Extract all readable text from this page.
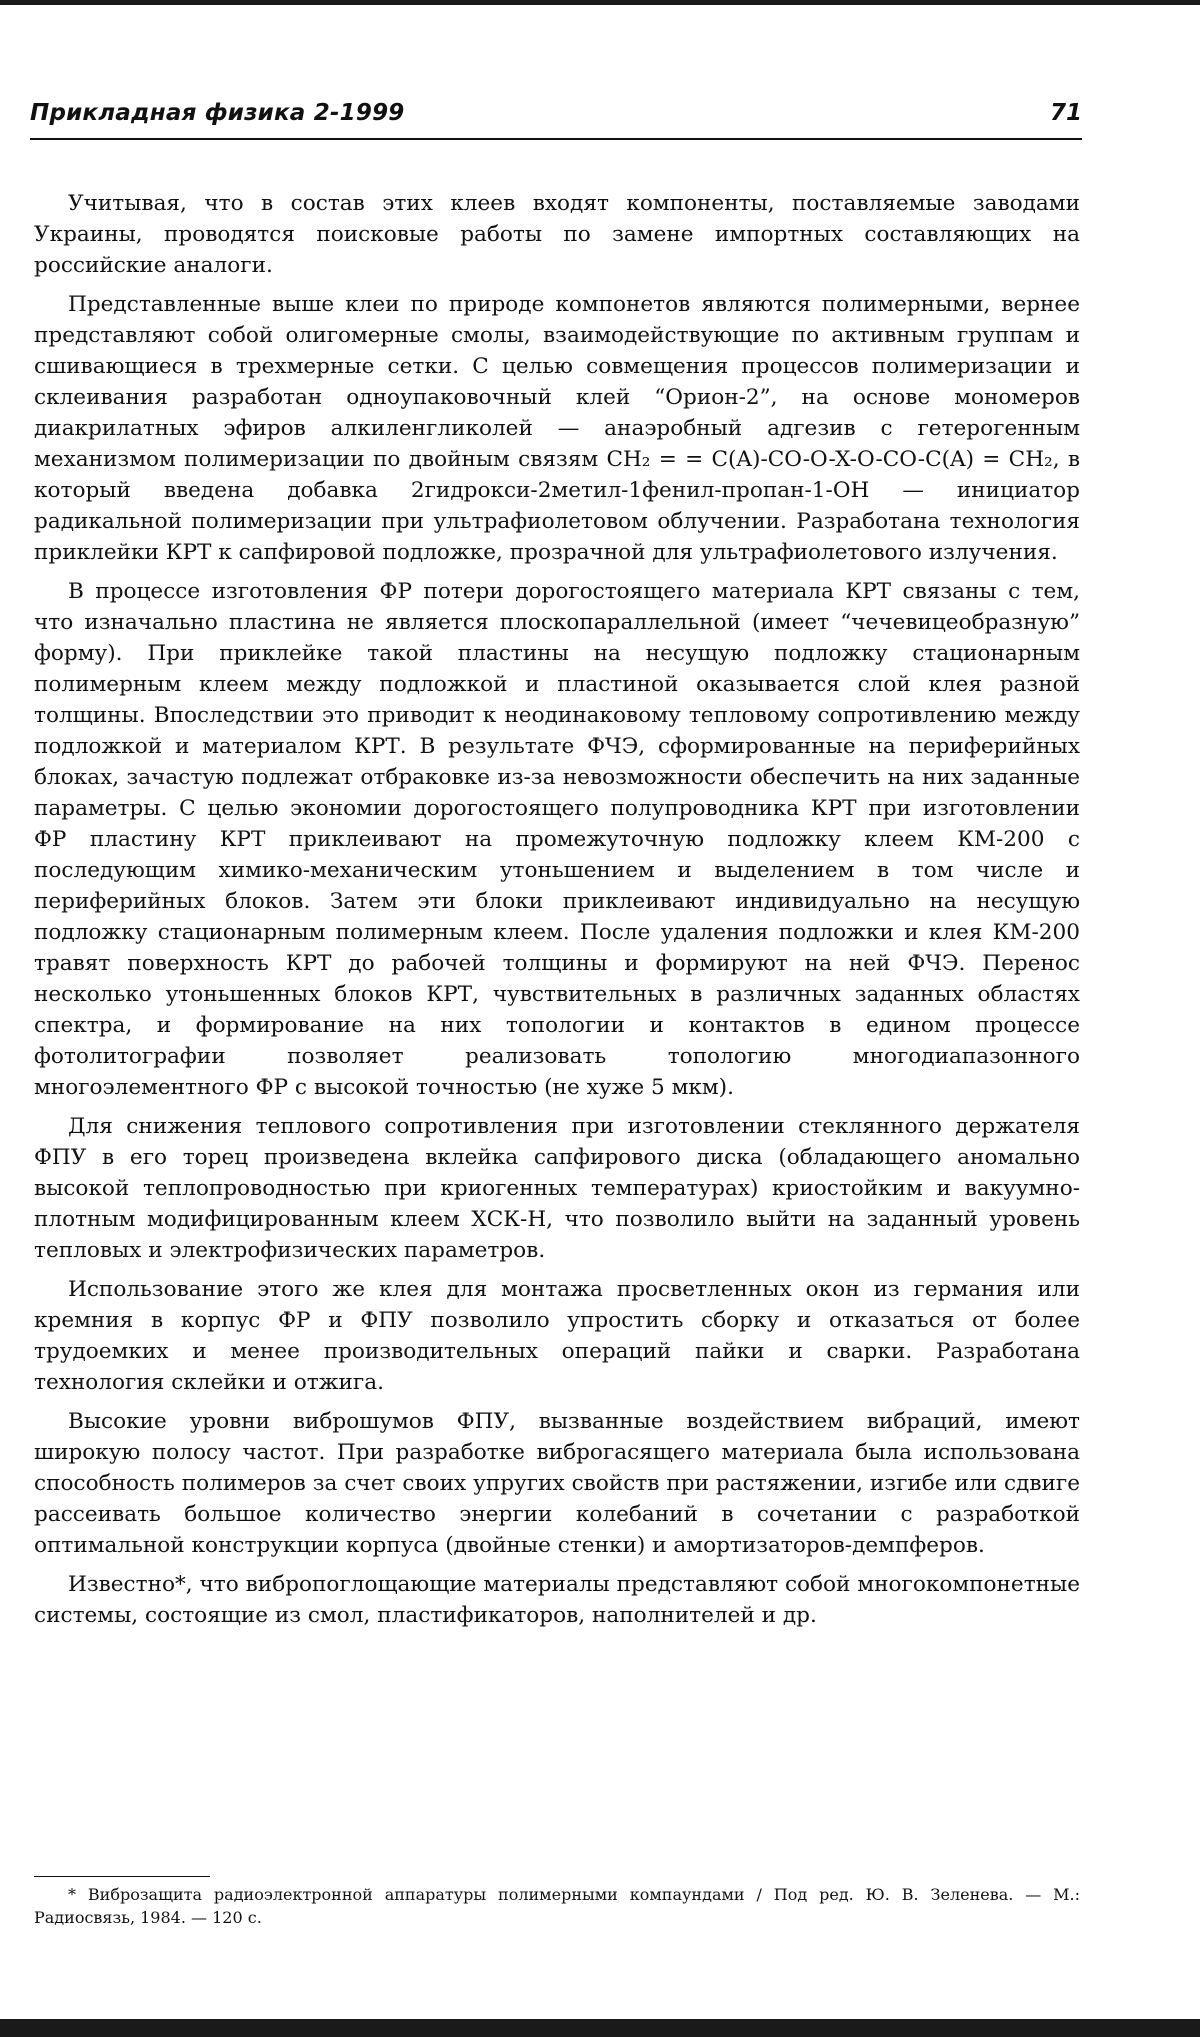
Прикладная физика 2-1999	71

Учитывая, что в состав этих клеев входят компоненты, поставляемые заводами Украины, проводятся поисковые работы по замене импортных составляющих на российские аналоги.

Представленные выше клеи по природе компонетов являются полимерными, вернее представляют собой олигомерные смолы, взаимодействующие по активным группам и сшивающиеся в трехмерные сетки. С целью совмещения процессов полимеризации и склеивания разработан одноупаковочный клей “Орион-2”, на основе мономеров диакрилатных эфиров алкиленгликолей — анаэробный адгезив с гетерогенным механизмом полимеризации по двойным связям CH₂ = = C(A)-CO-O-X-O-CO-C(A) = CH₂, в который введена добавка 2гидрокси-2метил-1фенил-пропан-1-OH — инициатор радикальной полимеризации при ультрафиолетовом облучении. Разработана технология приклейки КРТ к сапфировой подложке, прозрачной для ультрафиолетового излучения.

В процессе изготовления ФР потери дорогостоящего материала КРТ связаны с тем, что изначально пластина не является плоскопараллельной (имеет “чечевицеобразную” форму). При приклейке такой пластины на несущую подложку стационарным полимерным клеем между подложкой и пластиной оказывается слой клея разной толщины. Впоследствии это приводит к неодинаковому тепловому сопротивлению между подложкой и материалом КРТ. В результате ФЧЭ, сформированные на периферийных блоках, зачастую подлежат отбраковке из-за невозможности обеспечить на них заданные параметры. С целью экономии дорогостоящего полупроводника КРТ при изготовлении ФР пластину КРТ приклеивают на промежуточную подложку клеем КМ-200 с последующим химико-механическим утоньшением и выделением в том числе и периферийных блоков. Затем эти блоки приклеивают индивидуально на несущую подложку стационарным полимерным клеем. После удаления подложки и клея КМ-200 травят поверхность КРТ до рабочей толщины и формируют на ней ФЧЭ. Перенос несколько утоньшенных блоков КРТ, чувствительных в различных заданных областях спектра, и формирование на них топологии и контактов в едином процессе фотолитографии позволяет реализовать топологию многодиапазонного многоэлементного ФР с высокой точностью (не хуже 5 мкм).

Для снижения теплового сопротивления при изготовлении стеклянного держателя ФПУ в его торец произведена вклейка сапфирового диска (обладающего аномально высокой теплопроводностью при криогенных температурах) криостойким и вакуумно-плотным модифицированным клеем ХСК-Н, что позволило выйти на заданный уровень тепловых и электрофизических параметров.

Использование этого же клея для монтажа просветленных окон из германия или кремния в корпус ФР и ФПУ позволило упростить сборку и отказаться от более трудоемких и менее производительных операций пайки и сварки. Разработана технология склейки и отжига.

Высокие уровни виброшумов ФПУ, вызванные воздействием вибраций, имеют широкую полосу частот. При разработке виброгасящего материала была использована способность полимеров за счет своих упругих свойств при растяжении, изгибе или сдвиге рассеивать большое количество энергии колебаний в сочетании с разработкой оптимальной конструкции корпуса (двойные стенки) и амортизаторов-демпферов.

Известно*, что вибропоглощающие материалы представляют собой многокомпонетные системы, состоящие из смол, пластификаторов, наполнителей и др.

* Виброзащита радиоэлектронной аппаратуры полимерными компаундами / Под ред. Ю. В. Зеленева. — М.: Радиосвязь, 1984. — 120 с.
